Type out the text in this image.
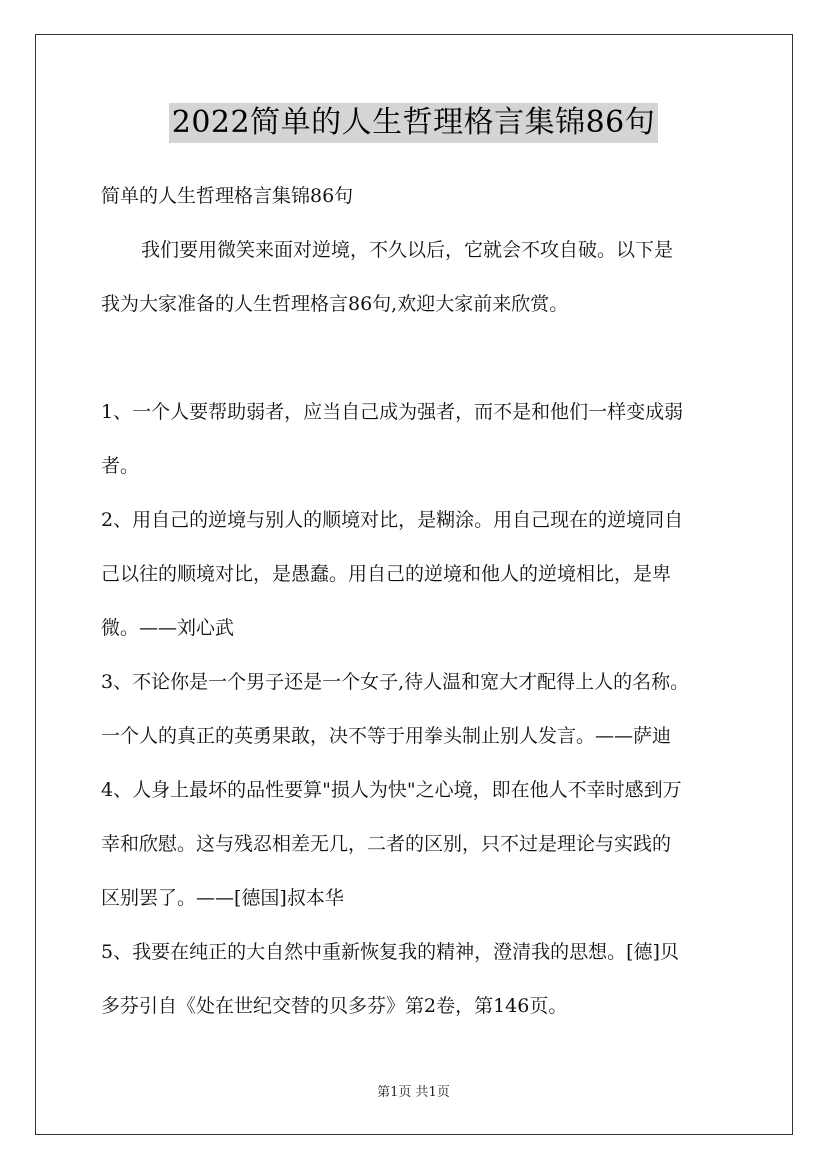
2022简单的人生哲理格言集锦86句
简单的人生哲理格言集锦86句
我们要用微笑来面对逆境，不久以后，它就会不攻自破。以下是
我为大家准备的人生哲理格言86句,欢迎大家前来欣赏。
1、一个人要帮助弱者，应当自己成为强者，而不是和他们一样变成弱
者。
2、用自己的逆境与别人的顺境对比，是糊涂。用自己现在的逆境同自
己以往的顺境对比，是愚蠢。用自己的逆境和他人的逆境相比，是卑
微。——刘心武
3、不论你是一个男子还是一个女子,待人温和宽大才配得上人的名称。
一个人的真正的英勇果敢，决不等于用拳头制止别人发言。——萨迪
4、人身上最坏的品性要算"损人为快"之心境，即在他人不幸时感到万
幸和欣慰。这与残忍相差无几，二者的区别，只不过是理论与实践的
区别罢了。——[德国]叔本华
5、我要在纯正的大自然中重新恢复我的精神，澄清我的思想。[德]贝
多芬引自《处在世纪交替的贝多芬》第2卷，第146页。
第1页 共1页
